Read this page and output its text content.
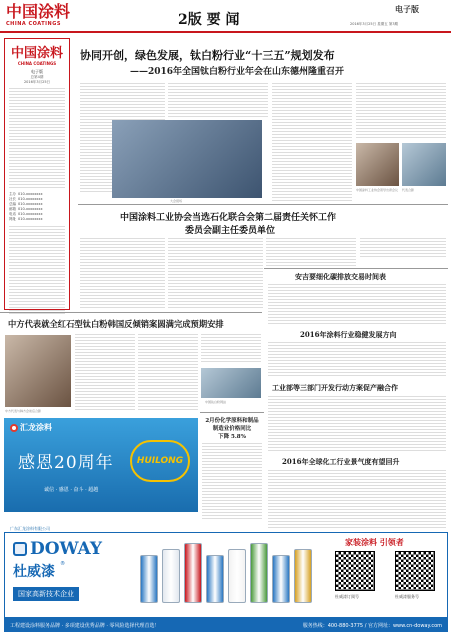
中国涂料
CHINA COATINGS	2版 要 闻
电子版
2016年3月25日 星期五 第3期
中国涂料
CHINA COATINGS
电子版
总第4期
2016年3月25日
主办 010-xxxxxxxx
社长 010-xxxxxxxx
总编 010-xxxxxxxx
邮箱 010-xxxxxxxx
电话 010-xxxxxxxx
网址 010-xxxxxxxx
协同开创，绿色发展，钛白粉行业“十三五”规划发布
——2016年全国钛白粉行业年会在山东德州隆重召开
大会现场
中国涂料工业协会领导出席会议	代表合影
中国涂料工业协会当选石化联合会第二届责任关怀工作
委员会副主任委员单位
安吉要细化碳排放交易时间表
2016年涂料行业稳健发展方向
工业部等三部门开发行动方案促产融合作
2016年全球化工行业景气度有望回升
中方代表就全红石型钛白粉韩国反倾销案圆满完成预期安排
中方代表与韩方会谈后合影
中国钛白粉网站
2月份化学原料和制品
制造业价格同比
下降 5.8%
汇龙涂料
感恩20周年	HUILONG
诚信 · 感恩 · 奋斗 · 超越
广东汇龙涂料有限公司
DOWAY
杜威漆 ®
国家高新技术企业
家装涂料 引领者
杜威漆订阅号	杜威漆服务号
工程建设涂料服务品牌 · 多项建设优秀品牌 · 零风险选择代理首选！	服务热线：400-880-3775 / 官方网址：www.cn-doway.com
